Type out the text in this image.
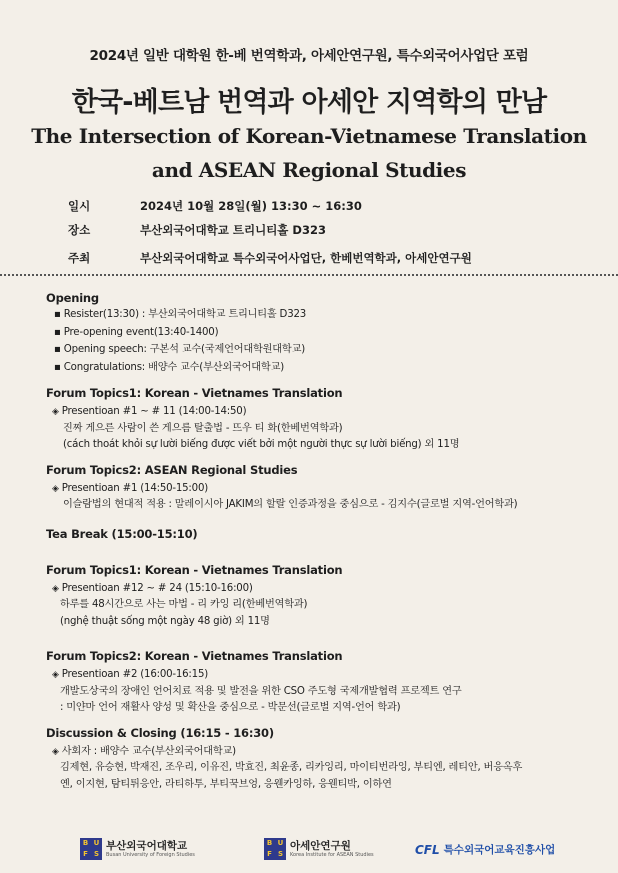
2024년 일반 대학원 한-베 번역학과, 아세안연구원, 특수외국어사업단 포럼
한국-베트남 번역과 아세안 지역학의 만남
The Intersection of Korean-Vietnamese Translation
and ASEAN Regional Studies
일시	2024년 10월 28일(월) 13:30 ~ 16:30
장소	부산외국어대학교 트리니티홀 D323
주최	부산외국어대학교 특수외국어사업단, 한베번역학과, 아세안연구원
Opening
▪ Resister(13:30) : 부산외국어대학교 트리니티홀 D323
▪ Pre-opening event(13:40-1400)
▪ Opening speech: 구본석 교수(국제언어대학원대학교)
▪ Congratulations: 배양수 교수(부산외국어대학교)
Forum Topics1: Korean - Vietnames Translation
◈ Presentioan #1 ~ # 11 (14:00-14:50)
진짜 게으른 사람이 쓴 게으름 탈출법 - 뜨우 티 화(한베번역학과)
(cách thoát khỏi sự lười biếng được viết bởi một người thực sự lười biếng) 외 11명
Forum Topics2: ASEAN Regional Studies
◈ Presentioan #1 (14:50-15:00)
이슬람법의 현대적 적용 : 말레이시아 JAKIM의 할랄 인증과정을 중심으로 - 김지수(글로벌 지역-언어학과)
Tea Break (15:00-15:10)
Forum Topics1: Korean - Vietnames Translation
◈ Presentioan #12 ~ # 24 (15:10-16:00)
하루를 48시간으로 사는 마법 - 리 카잉 리(한베번역학과)
(nghệ thuật sống một ngày 48 giờ) 외 11명
Forum Topics2: Korean - Vietnames Translation
◈ Presentioan #2 (16:00-16:15)
개발도상국의 장애인 언어치료 적용 및 발전을 위한 CSO 주도형 국제개발협력 프로젝트 연구
: 미얀마 언어 재활사 양성 및 확산을 중심으로 - 박문선(글로벌 지역-언어 학과)
Discussion & Closing (16:15 - 16:30)
◈ 사회자 : 배양수 교수(부산외국어대학교)
김제현, 유승현, 박재진, 조우리, 이유진, 박효진, 최윤종, 리카잉리, 마이티번라잉, 부티엔, 레티안, 버응옥후
옌, 이지현, 탐티튀응안, 라티하투, 부티꾹브엉, 응웬카잉하, 응웬티박, 이하연
B U
F S
부산외국어대학교
Busan University of Foreign Studies
B U
F S
아세안연구원
Korea Institute for ASEAN Studies	CFL 특수외국어교육진흥사업
